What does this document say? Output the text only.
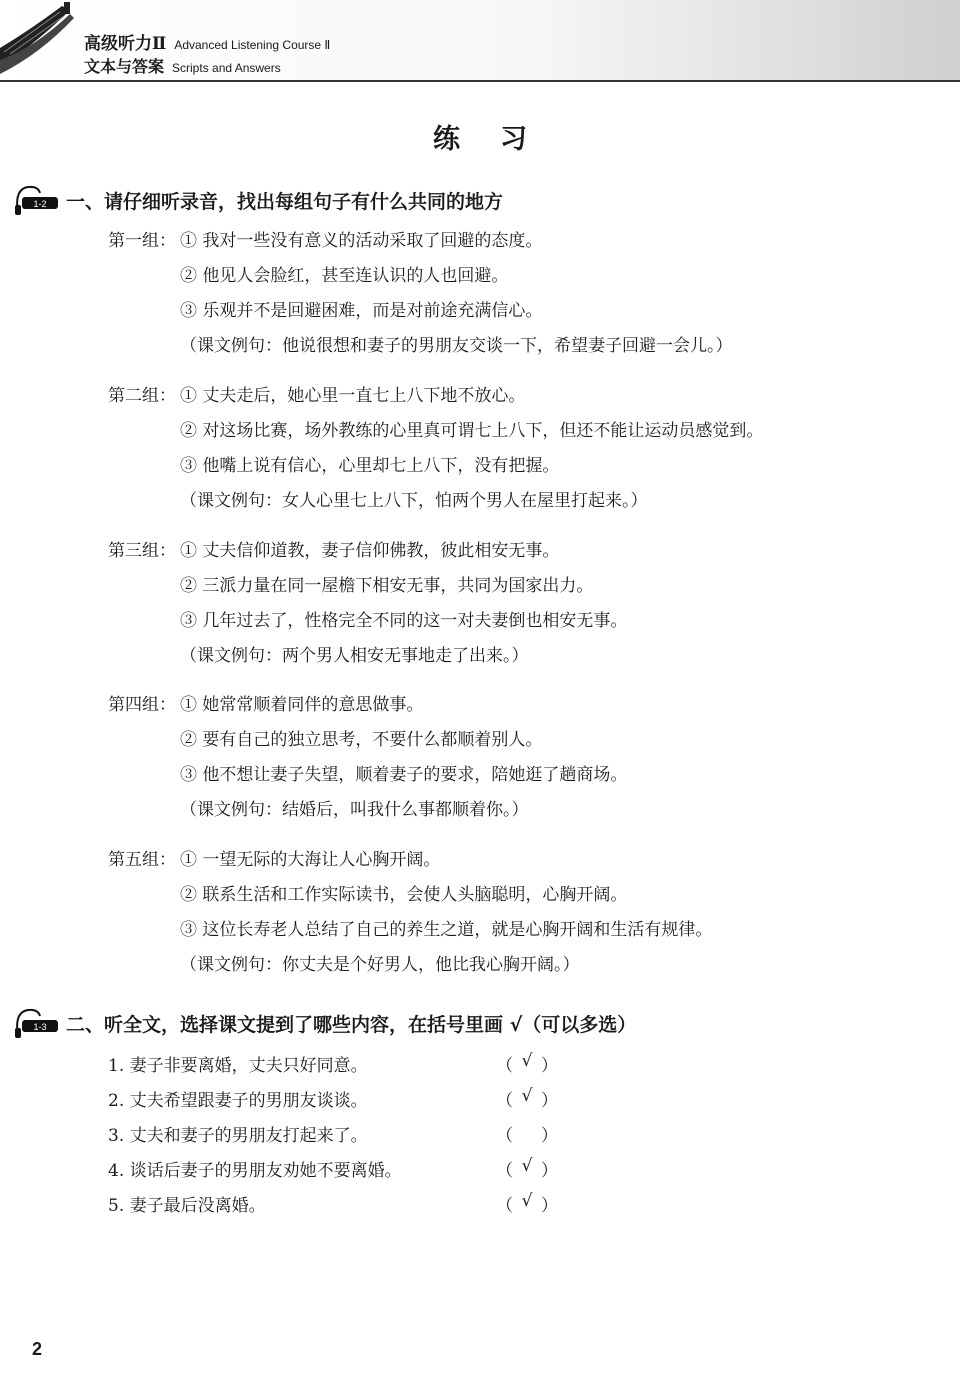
高级听力Ⅱ Advanced Listening Course Ⅱ
文本与答案 Scripts and Answers
练习
1-2 一、请仔细听录音，找出每组句子有什么共同的地方
第一组： ① 我对一些没有意义的活动采取了回避的态度。
② 他见人会脸红，甚至连认识的人也回避。
③ 乐观并不是回避困难，而是对前途充满信心。
（课文例句：他说很想和妻子的男朋友交谈一下，希望妻子回避一会儿。）
第二组： ① 丈夫走后，她心里一直七上八下地不放心。
② 对这场比赛，场外教练的心里真可谓七上八下，但还不能让运动员感觉到。
③ 他嘴上说有信心，心里却七上八下，没有把握。
（课文例句：女人心里七上八下，怕两个男人在屋里打起来。）
第三组： ① 丈夫信仰道教，妻子信仰佛教，彼此相安无事。
② 三派力量在同一屋檐下相安无事，共同为国家出力。
③ 几年过去了，性格完全不同的这一对夫妻倒也相安无事。
（课文例句：两个男人相安无事地走了出来。）
第四组： ① 她常常顺着同伴的意思做事。
② 要有自己的独立思考，不要什么都顺着别人。
③ 他不想让妻子失望，顺着妻子的要求，陪她逛了趟商场。
（课文例句：结婚后，叫我什么事都顺着你。）
第五组： ① 一望无际的大海让人心胸开阔。
② 联系生活和工作实际读书，会使人头脑聪明，心胸开阔。
③ 这位长寿老人总结了自己的养生之道，就是心胸开阔和生活有规律。
（课文例句：你丈夫是个好男人，他比我心胸开阔。）
1-3 二、听全文，选择课文提到了哪些内容，在括号里画 √（可以多选）
1. 妻子非要离婚，丈夫只好同意。	（ √ ）
2. 丈夫希望跟妻子的男朋友谈谈。	（ √ ）
3. 丈夫和妻子的男朋友打起来了。	（ ）
4. 谈话后妻子的男朋友劝她不要离婚。	（ √ ）
5. 妻子最后没离婚。	（ √ ）
2
